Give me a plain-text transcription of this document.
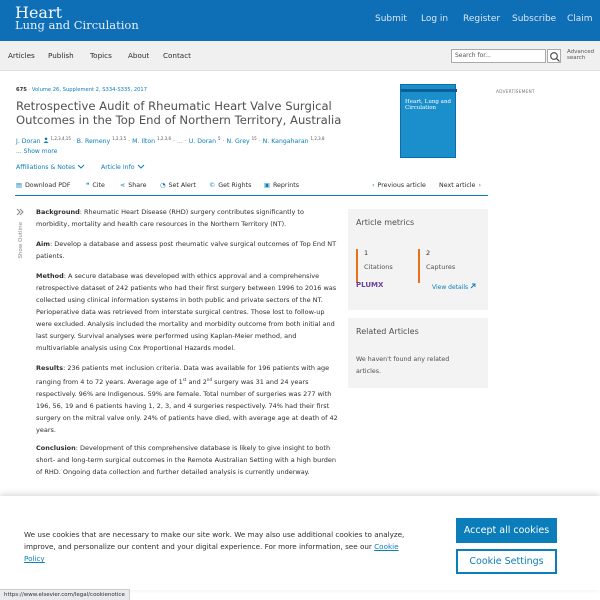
Heart
Lung and Circulation	Submit Log in Register Subscribe Claim
Articles Publish Topics About Contact	Search for...	Advanced search
675 · Volume 26, Supplement 2, S334-S335, 2017
Retrospective Audit of Rheumatic Heart Valve Surgical Outcomes in the Top End of Northern Territory, Australia
J. Doran $^{1,2,3,4,15}$ · B. Remeny $^{1,2,3,5}$ · M. Ilton $^{1,2,3,6}$ · ... · U. Doran $^5$ · N. Grey $^{15}$ · N. Kangaharan $^{1,2,3,8}$
... Show more
Affiliations & Notes	Article Info
Heart, Lung and Circulation
ADVERTISEMENT
▤ Download PDF ❝ Cite ⋖ Share ◔ Set Alert © Get Rights ▣ Reprints	‹ Previous article Next article ›
Show Outline
Background: Rheumatic Heart Disease (RHD) surgery contributes significantly to morbidity, mortality and health care resources in the Northern Territory (NT).
Aim: Develop a database and assess post rheumatic valve surgical outcomes of Top End NT patients.
Method: A secure database was developed with ethics approval and a comprehensive retrospective dataset of 242 patients who had their first surgery between 1996 to 2016 was collected using clinical information systems in both public and private sectors of the NT. Perioperative data was retrieved from interstate surgical centres. Those lost to follow-up were excluded. Analysis included the mortality and morbidity outcome from both initial and last surgery. Survival analyses were performed using Kaplan-Meier method, and multivariable analysis using Cox Proportional Hazards model.
Results: 236 patients met inclusion criteria. Data was available for 196 patients with age ranging from 4 to 72 years. Average age of 1st and 2nd surgery was 31 and 24 years respectively. 96% are Indigenous. 59% are female. Total number of surgeries was 277 with 196, 56, 19 and 6 patients having 1, 2, 3, and 4 surgeries respectively. 74% had their first surgery on the mitral valve only. 24% of patients have died, with average age at death of 42 years.
Conclusion: Development of this comprehensive database is likely to give insight to both short- and long-term surgical outcomes in the Remote Australian Setting with a high burden of RHD. Ongoing data collection and further detailed analysis is currently underway.
Article metrics
1
Citations
2
Captures
PLUMX	View details
Related Articles
We haven't found any related articles.
We use cookies that are necessary to make our site work. We may also use additional cookies to analyze, improve, and personalize our content and your digital experience. For more information, see our Cookie Policy
Accept all cookies
Cookie Settings
https://www.elsevier.com/legal/cookienotice
